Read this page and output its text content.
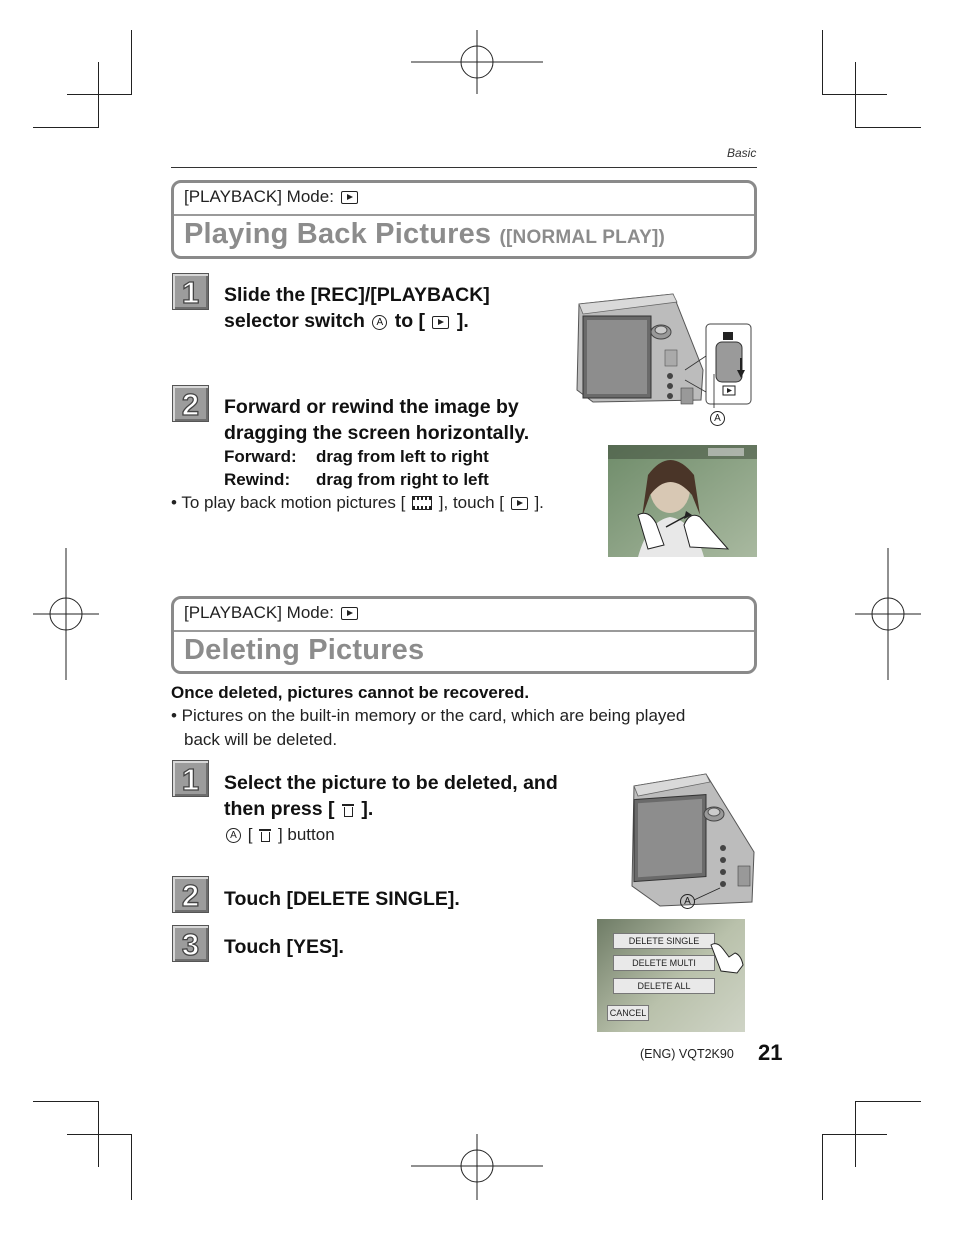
Basic
[PLAYBACK] Mode:
Playing Back Pictures ([NORMAL PLAY])
1	Slide the [REC]/[PLAYBACK]
selector switch A to [ ].
A
2	Forward or rewind the image by
dragging the screen horizontally.
Forward: drag from left to right
Rewind: drag from right to left
• To play back motion pictures [ ], touch [ ].
[PLAYBACK] Mode:
Deleting Pictures
Once deleted, pictures cannot be recovered.
• Pictures on the built-in memory or the card, which are being played
back will be deleted.
1	Select the picture to be deleted, and
then press [ ].
A [ ] button
A
2	Touch [DELETE SINGLE].
3	Touch [YES].	DELETE SINGLE
DELETE MULTI
DELETE ALL
CANCEL
(ENG) VQT2K90 21
